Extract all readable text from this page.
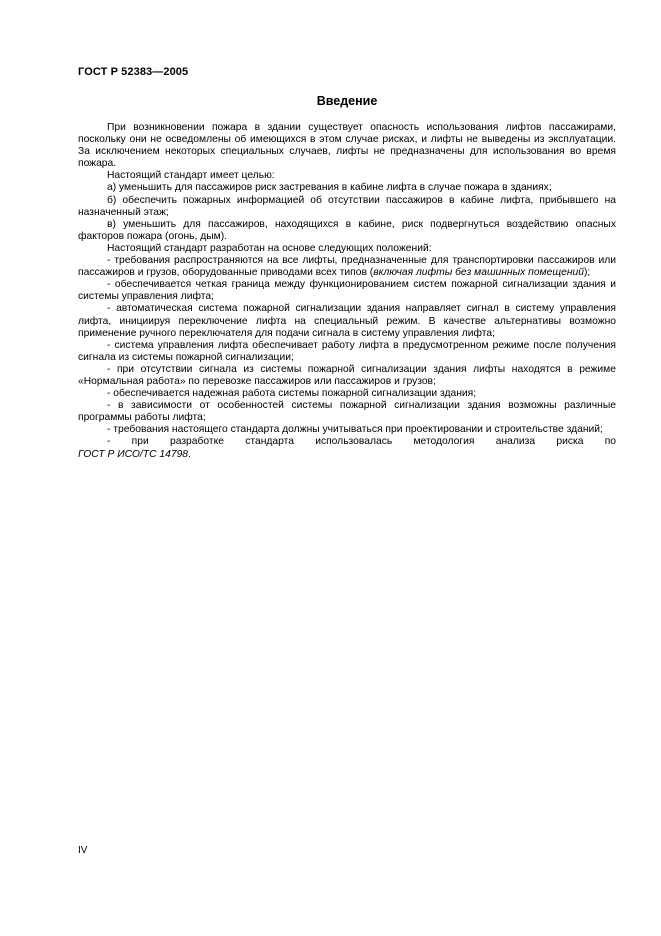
ГОСТ Р 52383—2005
Введение

При возникновении пожара в здании существует опасность использования лифтов пассажирами, поскольку они не осведомлены об имеющихся в этом случае рисках, и лифты не выведены из эксплуатации. За исключением некоторых специальных случаев, лифты не предназначены для использования во время пожара.

Настоящий стандарт имеет целью:

а) уменьшить для пассажиров риск застревания в кабине лифта в случае пожара в зданиях;

б) обеспечить пожарных информацией об отсутствии пассажиров в кабине лифта, прибывшего на назначенный этаж;

в) уменьшить для пассажиров, находящихся в кабине, риск подвергнуться воздействию опасных факторов пожара (огонь, дым).

Настоящий стандарт разработан на основе следующих положений:

- требования распространяются на все лифты, предназначенные для транспортировки пассажиров или пассажиров и грузов, оборудованные приводами всех типов (включая лифты без машинных помещений);

- обеспечивается четкая граница между функционированием систем пожарной сигнализации здания и системы управления лифта;

- автоматическая система пожарной сигнализации здания направляет сигнал в систему управления лифта, инициируя переключение лифта на специальный режим. В качестве альтернативы возможно применение ручного переключателя для подачи сигнала в систему управления лифта;

- система управления лифта обеспечивает работу лифта в предусмотренном режиме после получения сигнала из системы пожарной сигнализации;

- при отсутствии сигнала из системы пожарной сигнализации здания лифты находятся в режиме «Нормальная работа» по перевозке пассажиров или пассажиров и грузов;

- обеспечивается надежная работа системы пожарной сигнализации здания;

- в зависимости от особенностей системы пожарной сигнализации здания возможны различные программы работы лифта;

- требования настоящего стандарта должны учитываться при проектировании и строительстве зданий;

- при разработке стандарта использовалась методология анализа риска по

ГОСТ Р ИСО/ТС 14798.

IV
